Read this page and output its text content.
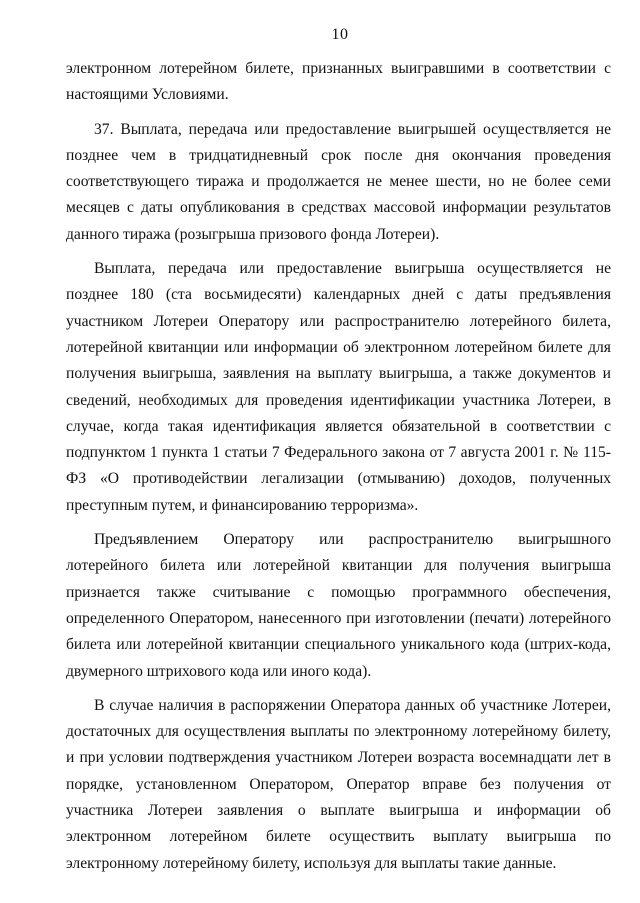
10

электронном лотерейном билете, признанных выигравшими в соответствии с настоящими Условиями.

37. Выплата, передача или предоставление выигрышей осуществляется не позднее чем в тридцатидневный срок после дня окончания проведения соответствующего тиража и продолжается не менее шести, но не более семи месяцев с даты опубликования в средствах массовой информации результатов данного тиража (розыгрыша призового фонда Лотереи).

Выплата, передача или предоставление выигрыша осуществляется не позднее 180 (ста восьмидесяти) календарных дней с даты предъявления участником Лотереи Оператору или распространителю лотерейного билета, лотерейной квитанции или информации об электронном лотерейном билете для получения выигрыша, заявления на выплату выигрыша, а также документов и сведений, необходимых для проведения идентификации участника Лотереи, в случае, когда такая идентификация является обязательной в соответствии с подпунктом 1 пункта 1 статьи 7 Федерального закона от 7 августа 2001 г. № 115-ФЗ «О противодействии легализации (отмыванию) доходов, полученных преступным путем, и финансированию терроризма».

Предъявлением Оператору или распространителю выигрышного лотерейного билета или лотерейной квитанции для получения выигрыша признается также считывание с помощью программного обеспечения, определенного Оператором, нанесенного при изготовлении (печати) лотерейного билета или лотерейной квитанции специального уникального кода (штрих-кода, двумерного штрихового кода или иного кода).

В случае наличия в распоряжении Оператора данных об участнике Лотереи, достаточных для осуществления выплаты по электронному лотерейному билету, и при условии подтверждения участником Лотереи возраста восемнадцати лет в порядке, установленном Оператором, Оператор вправе без получения от участника Лотереи заявления о выплате выигрыша и информации об электронном лотерейном билете осуществить выплату выигрыша по электронному лотерейному билету, используя для выплаты такие данные.
